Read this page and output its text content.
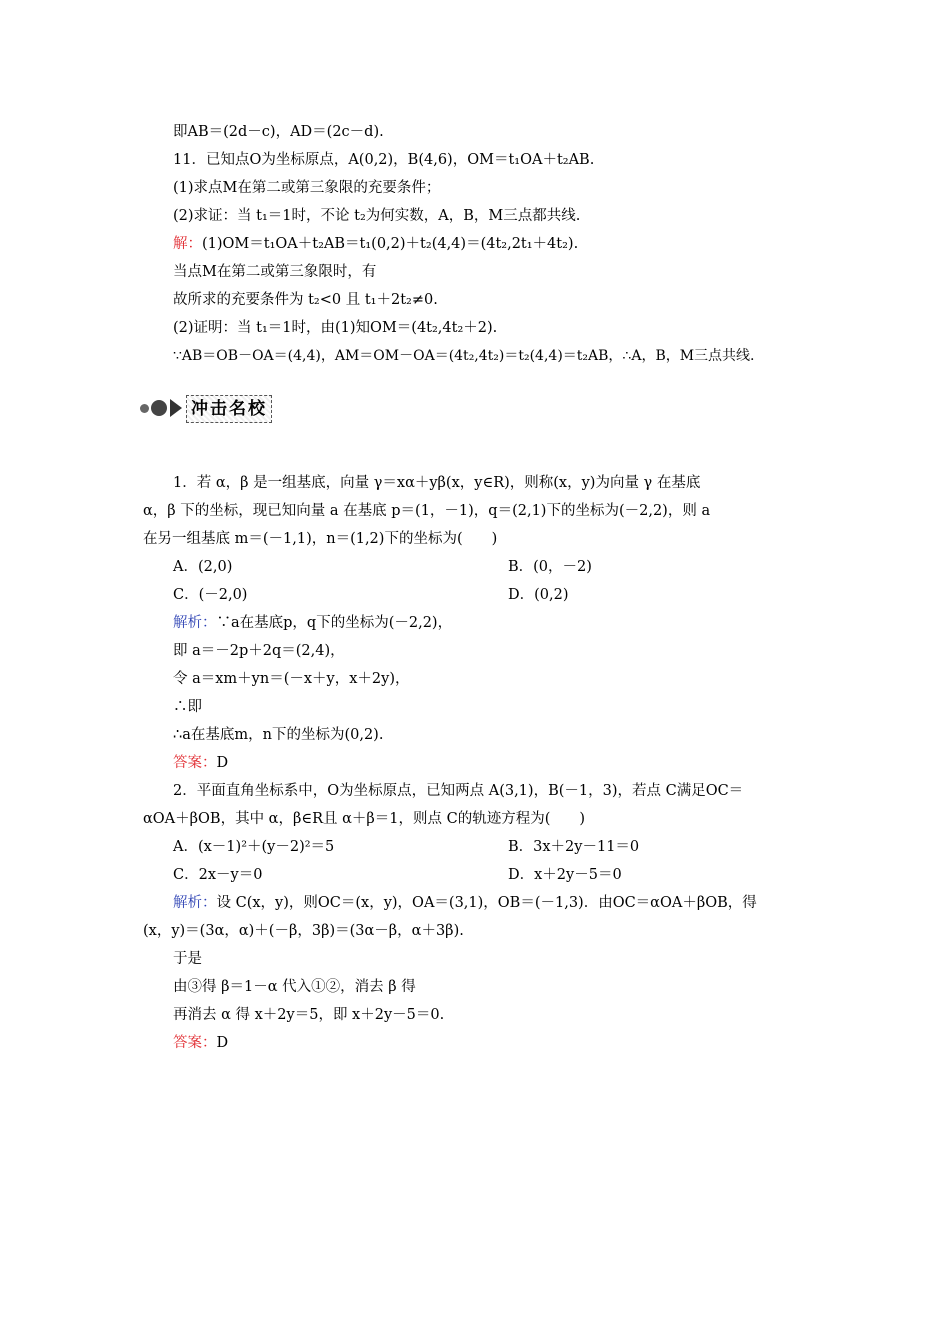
即AB＝(2d－c)，AD＝(2c－d).
11．已知点O为坐标原点，A(0,2)，B(4,6)，OM＝t₁OA＋t₂AB.
(1)求点M在第二或第三象限的充要条件；
(2)求证：当 t₁＝1时，不论 t₂为何实数，A，B，M三点都共线.
解：(1)OM＝t₁OA＋t₂AB＝t₁(0,2)＋t₂(4,4)＝(4t₂,2t₁＋4t₂).
当点M在第二或第三象限时，有
故所求的充要条件为 t₂<0 且 t₁＋2t₂≠0.
(2)证明：当 t₁＝1时，由(1)知OM＝(4t₂,4t₂＋2).
∵AB＝OB－OA＝(4,4)，AM＝OM－OA＝(4t₂,4t₂)＝t₂(4,4)＝t₂AB，∴A，B，M三点共线.
冲击名校
1．若 α，β 是一组基底，向量 γ＝xα＋yβ(x，y∈R)，则称(x，y)为向量 γ 在基底
α，β 下的坐标，现已知向量 a 在基底 p＝(1，－1)，q＝(2,1)下的坐标为(－2,2)，则 a
在另一组基底 m＝(－1,1)，n＝(1,2)下的坐标为(　　)
A．(2,0)	B．(0，－2)
C．(－2,0)	D．(0,2)
解析：∵a在基底p，q下的坐标为(－2,2)，
即 a＝－2p＋2q＝(2,4)，
令 a＝xm＋yn＝(－x＋y，x＋2y)，
∴即
∴a在基底m，n下的坐标为(0,2).
答案：D
2．平面直角坐标系中，O为坐标原点，已知两点 A(3,1)，B(－1，3)，若点 C满足OC＝
αOA＋βOB，其中 α，β∈R且 α＋β＝1，则点 C的轨迹方程为(　　)
A．(x－1)²＋(y－2)²＝5	B．3x＋2y－11＝0
C．2x－y＝0	D．x＋2y－5＝0
解析：设 C(x，y)，则OC＝(x，y)，OA＝(3,1)，OB＝(－1,3)．由OC＝αOA＋βOB，得
(x，y)＝(3α，α)＋(－β，3β)＝(3α－β，α＋3β).
于是
由③得 β＝1－α 代入①②，消去 β 得
再消去 α 得 x＋2y＝5，即 x＋2y－5＝0.
答案：D
